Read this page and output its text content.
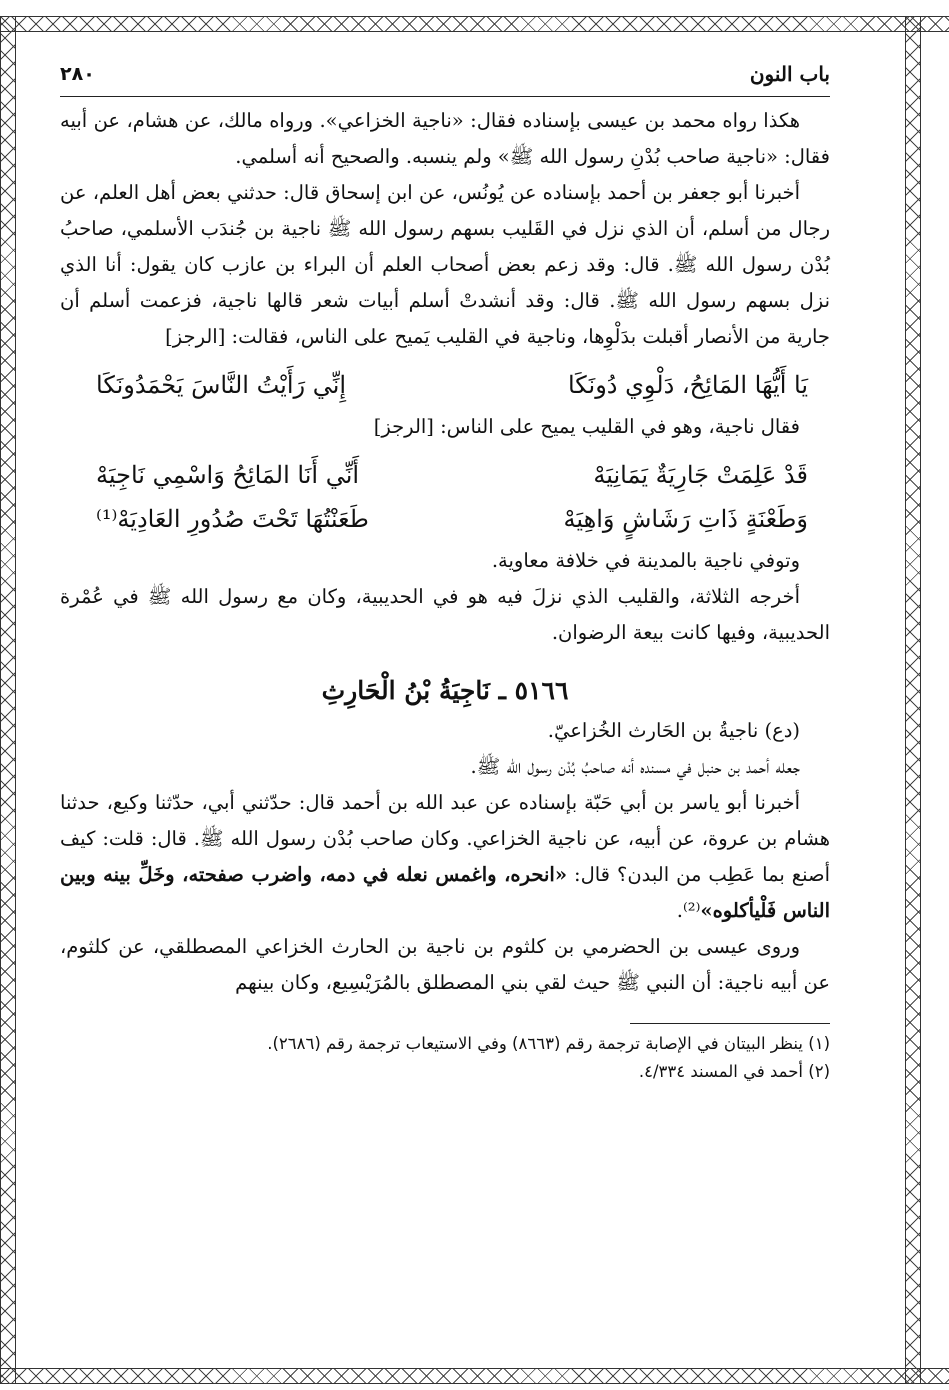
باب النون
٢٨٠

هكذا رواه محمد بن عيسى بإسناده فقال: «ناجية الخزاعي». ورواه مالك، عن هشام، عن أبيه فقال: «ناجية صاحب بُدْنِ رسول الله ﷺ» ولم ينسبه. والصحيح أنه أسلمي.

أخبرنا أبو جعفر بن أحمد بإسناده عن يُونُس، عن ابن إسحاق قال: حدثني بعض أهل العلم، عن رجال من أسلم، أن الذي نزل في القَليب بسهم رسول الله ﷺ ناجية بن جُندَب الأسلمي، صاحبُ بُدْن رسول الله ﷺ. قال: وقد زعم بعض أصحاب العلم أن البراء بن عازب كان يقول: أنا الذي نزل بسهم رسول الله ﷺ. قال: وقد أنشدتْ أسلم أبيات شعر قالها ناجية، فزعمت أسلم أن جارية من الأنصار أقبلت بدَلْوِها، وناجية في القليب يَميح على الناس، فقالت: [الرجز]

يَا أَيُّهَا المَائِحُ، دَلْوِي دُونَكَا
إِنِّي رَأَيْتُ النَّاسَ يَحْمَدُونَكَا

فقال ناجية، وهو في القليب يميح على الناس: [الرجز]

قَدْ عَلِمَتْ جَارِيَةٌ يَمَانِيَهْ
أَنِّي أَنَا المَائِحُ وَاسْمِي نَاجِيَهْ
وَطَعْنَةٍ ذَاتِ رَشَاشٍ وَاهِيَهْ
طَعَنْتُهَا تَحْتَ صُدُورِ العَادِيَهْ⁽¹⁾

وتوفي ناجية بالمدينة في خلافة معاوية.

أخرجه الثلاثة، والقليب الذي نزلَ فيه هو في الحديبية، وكان مع رسول الله ﷺ في عُمْرة الحديبية، وفيها كانت بيعة الرضوان.

٥١٦٦ ـ نَاجِيَةُ بْنُ الْحَارِثِ

(دع) ناجيةُ بن الحَارث الخُزاعيّ.

جعله أحمد بن حنبل في مسنده أنه صاحبُ بُدْن رسول الله ﷺ.

أخبرنا أبو ياسر بن أبي حَبّة بإسناده عن عبد الله بن أحمد قال: حدّثني أبي، حدّثنا وكيع، حدثنا هشام بن عروة، عن أبيه، عن ناجية الخزاعي. وكان صاحب بُدْن رسول الله ﷺ. قال: قلت: كيف أصنع بما عَطِب من البدن؟ قال: «انحره، واغمس نعله في دمه، واضرب صفحته، وخَلِّ بينه وبين الناس فَلْيأكلوه»⁽²⁾.

وروى عيسى بن الحضرمي بن كلثوم بن ناجية بن الحارث الخزاعي المصطلقي، عن كلثوم، عن أبيه ناجية: أن النبي ﷺ حيث لقي بني المصطلق بالمُرَيْسِيع، وكان بينهم

(١) ينظر البيتان في الإصابة ترجمة رقم (٨٦٦٣) وفي الاستيعاب ترجمة رقم (٢٦٨٦).

(٢) أحمد في المسند ٤/٣٣٤.
